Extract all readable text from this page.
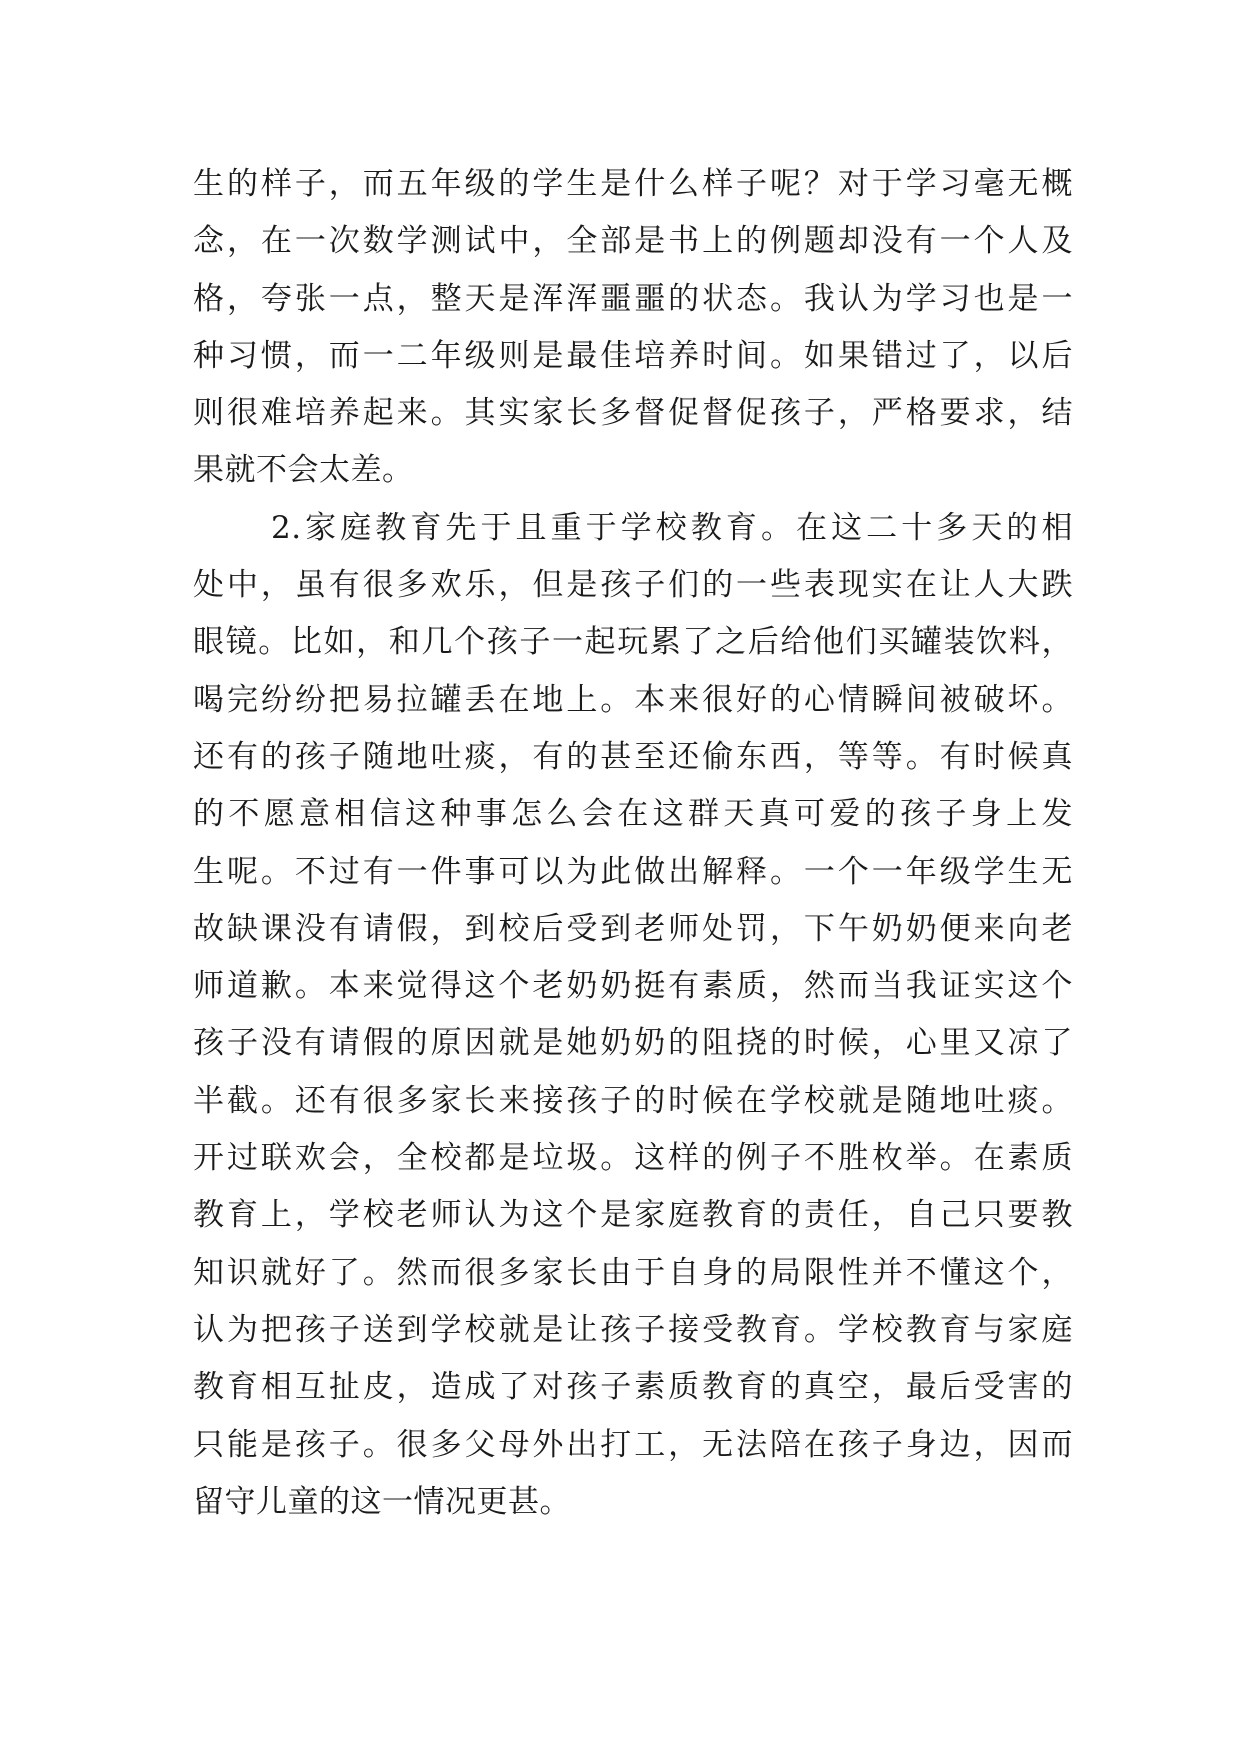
生的样子，而五年级的学生是什么样子呢？对于学习毫无概
念，在一次数学测试中，全部是书上的例题却没有一个人及
格，夸张一点，整天是浑浑噩噩的状态。我认为学习也是一
种习惯，而一二年级则是最佳培养时间。如果错过了，以后
则很难培养起来。其实家长多督促督促孩子，严格要求，结
果就不会太差。
2.家庭教育先于且重于学校教育。在这二十多天的相
处中，虽有很多欢乐，但是孩子们的一些表现实在让人大跌
眼镜。比如，和几个孩子一起玩累了之后给他们买罐装饮料，
喝完纷纷把易拉罐丢在地上。本来很好的心情瞬间被破坏。
还有的孩子随地吐痰，有的甚至还偷东西，等等。有时候真
的不愿意相信这种事怎么会在这群天真可爱的孩子身上发
生呢。不过有一件事可以为此做出解释。一个一年级学生无
故缺课没有请假，到校后受到老师处罚，下午奶奶便来向老
师道歉。本来觉得这个老奶奶挺有素质，然而当我证实这个
孩子没有请假的原因就是她奶奶的阻挠的时候，心里又凉了
半截。还有很多家长来接孩子的时候在学校就是随地吐痰。
开过联欢会，全校都是垃圾。这样的例子不胜枚举。在素质
教育上，学校老师认为这个是家庭教育的责任，自己只要教
知识就好了。然而很多家长由于自身的局限性并不懂这个，
认为把孩子送到学校就是让孩子接受教育。学校教育与家庭
教育相互扯皮，造成了对孩子素质教育的真空，最后受害的
只能是孩子。很多父母外出打工，无法陪在孩子身边，因而
留守儿童的这一情况更甚。
